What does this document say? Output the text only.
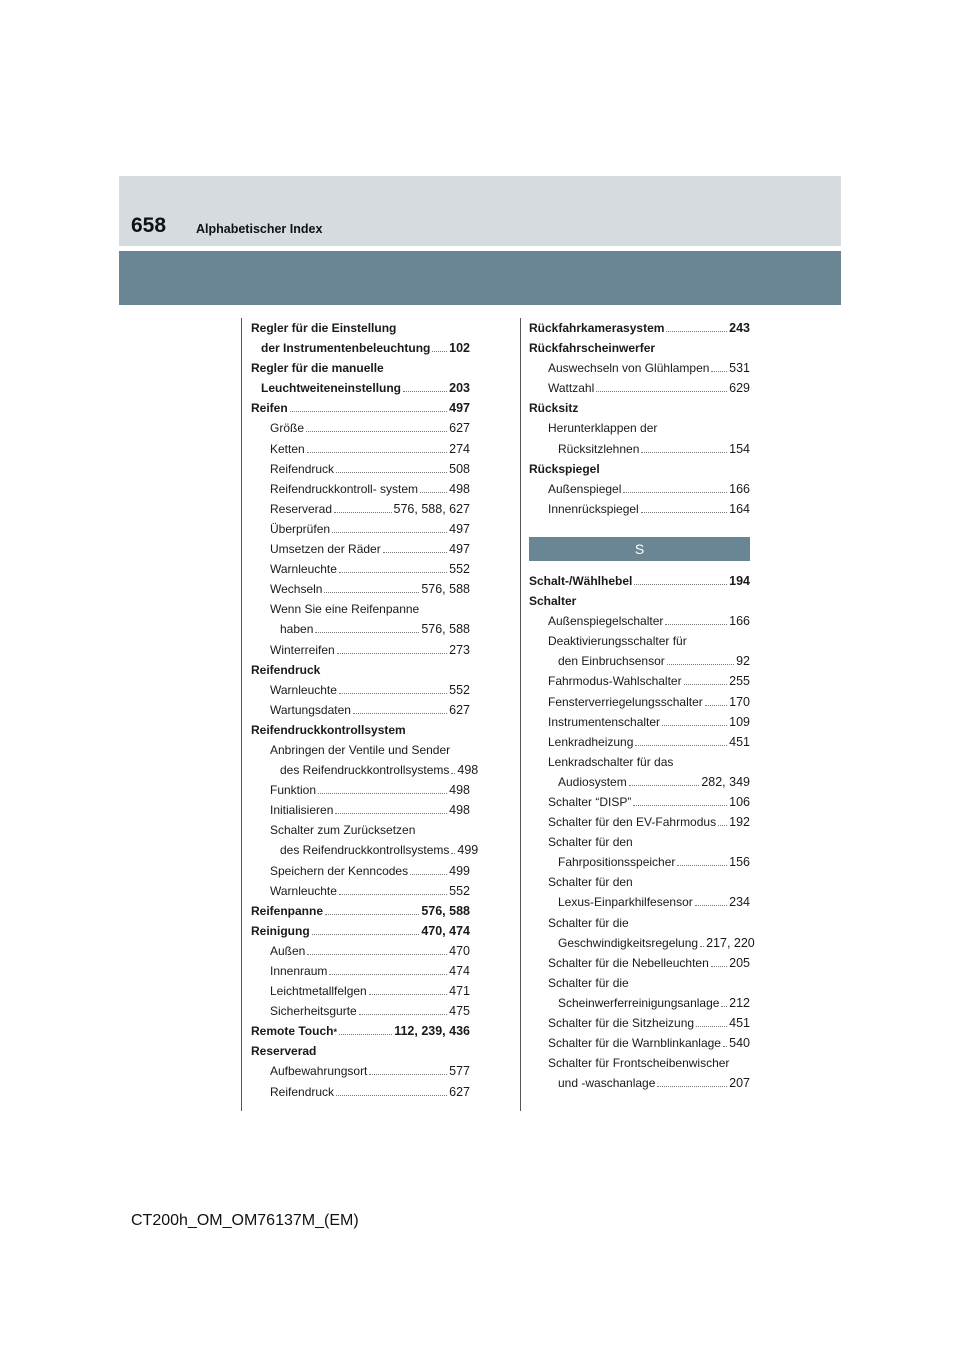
658 Alphabetischer Index
Regler für die Einstellung
der Instrumentenbeleuchtung 102
Regler für die manuelle
Leuchtweiteneinstellung	203
Reifen	497
Größe	627
Ketten	274
Reifendruck	508
Reifendruckkontroll- system 498
Reserverad	576, 588, 627
Überprüfen	497
Umsetzen der Räder	497
Warnleuchte	552
Wechseln	576, 588
Wenn Sie eine Reifenpanne
haben	576, 588
Winterreifen	273
Reifendruck
Warnleuchte	552
Wartungsdaten	627
Reifendruckkontrollsystem
Anbringen der Ventile und Sender
des Reifendruckkontrollsystems 498
Funktion	498
Initialisieren	498
Schalter zum Zurücksetzen
des Reifendruckkontrollsystems 499
Speichern der Kenncodes	499
Warnleuchte	552
Reifenpanne	576, 588
Reinigung	470, 474
Außen	470
Innenraum	474
Leichtmetallfelgen	471
Sicherheitsgurte	475
Remote Touch *	112, 239, 436
Reserverad
Aufbewahrungsort	577
Reifendruck	627
Rückfahrkamerasystem	243
Rückfahrscheinwerfer
Auswechseln von Glühlampen 531
Wattzahl	629
Rücksitz
Herunterklappen der
Rücksitzlehnen	154
Rückspiegel
Außenspiegel	166
Innenrückspiegel	164
S
Schalt-/Wählhebel	194
Schalter
Außenspiegelschalter	166
Deaktivierungsschalter für
den Einbruchsensor	92
Fahrmodus-Wahlschalter	255
Fensterverriegelungsschalter 170
Instrumentenschalter	109
Lenkradheizung	451
Lenkradschalter für das
Audiosystem	282, 349
Schalter “DISP”	106
Schalter für den EV-Fahrmodus 192
Schalter für den
Fahrpositionsspeicher	156
Schalter für den
Lexus-Einparkhilfesensor	234
Schalter für die
Geschwindigkeitsregelung 217, 220
Schalter für die Nebelleuchten 205
Schalter für die
Scheinwerferreinigungsanlage 212
Schalter für die Sitzheizung	451
Schalter für die Warnblinkanlage 540
Schalter für Frontscheibenwischer
und -waschanlage	207
CT200h_OM_OM76137M_(EM)
